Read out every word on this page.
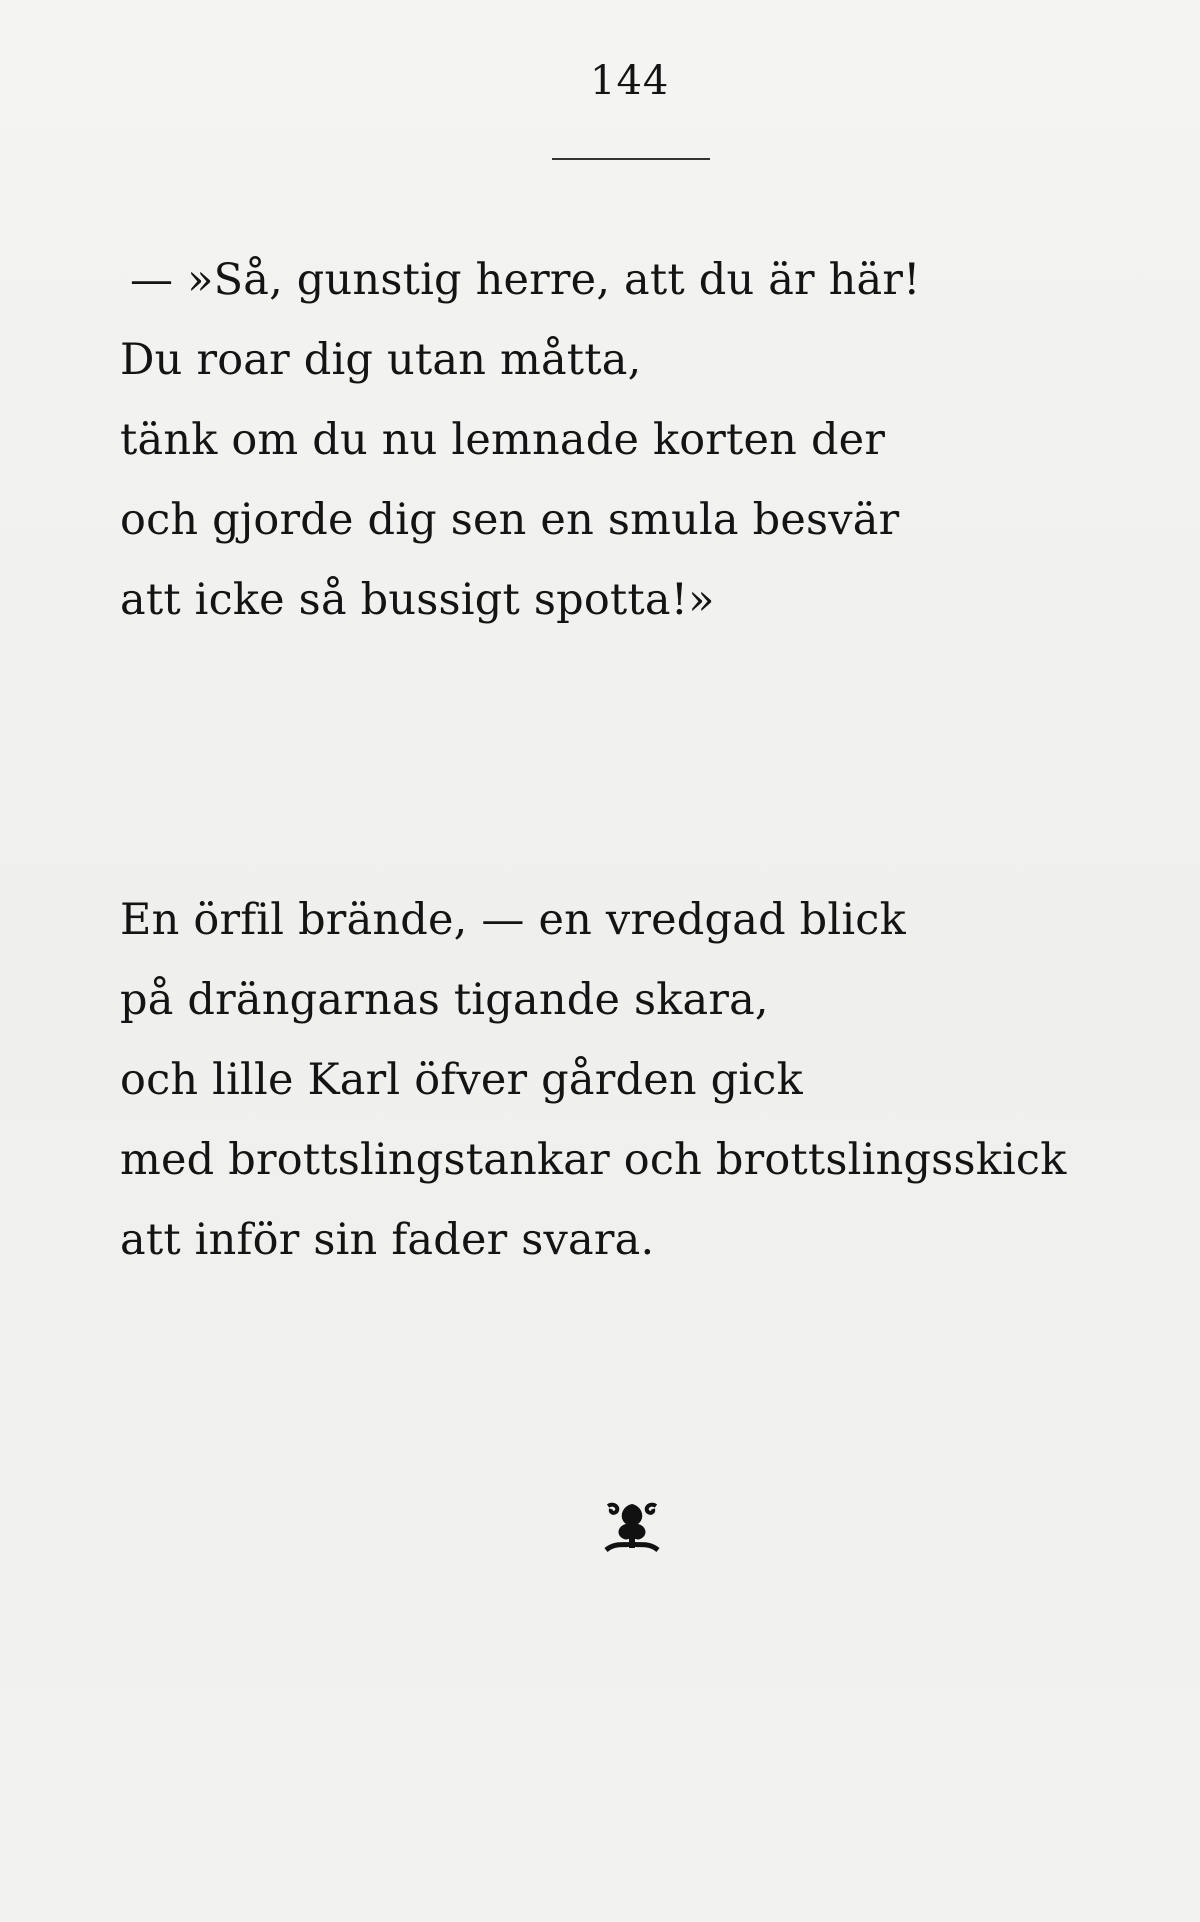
144
— »Så, gunstig herre, att du är här!
Du roar dig utan måtta,
tänk om du nu lemnade korten der
och gjorde dig sen en smula besvär
att icke så bussigt spotta!»
En örfil brände, — en vredgad blick
på drängarnas tigande skara,
och lille Karl öfver gården gick
med brottslingstankar och brottslingsskick
att inför sin fader svara.
